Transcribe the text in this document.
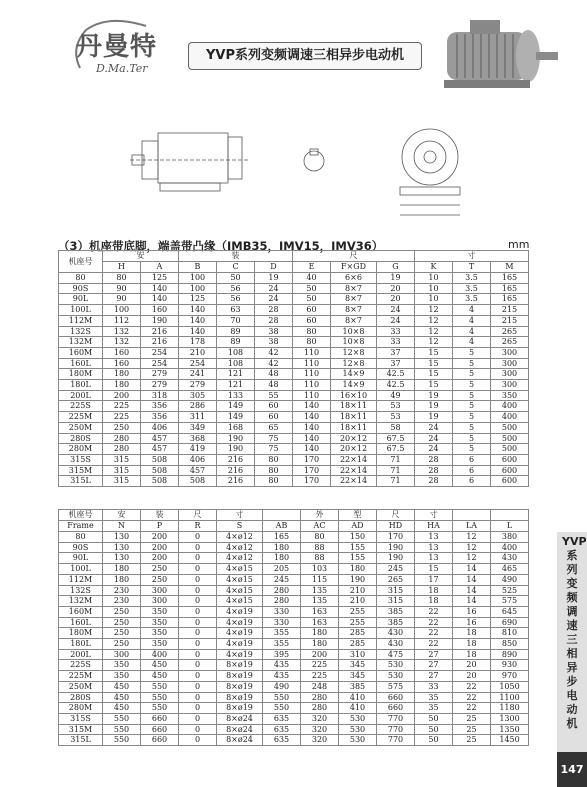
丹曼特
D.Ma.Ter
YVP系列变频调速三相异步电动机
（3）机座带底脚，端盖带凸缘（IMB35，IMV15，IMV36）	mm
机座号	安		装			尺			寸		
	H	A	B	C	D	E	F×GD	G	K	T	M
80	80	125	100	50	19	40	6×6	19	10	3.5	165
90S	90	140	100	56	24	50	8×7	20	10	3.5	165
90L	90	140	125	56	24	50	8×7	20	10	3.5	165
100L	100	160	140	63	28	60	8×7	24	12	4	215
112M	112	190	140	70	28	60	8×7	24	12	4	215
132S	132	216	140	89	38	80	10×8	33	12	4	265
132M	132	216	178	89	38	80	10×8	33	12	4	265
160M	160	254	210	108	42	110	12×8	37	15	5	300
160L	160	254	254	108	42	110	12×8	37	15	5	300
180M	180	279	241	121	48	110	14×9	42.5	15	5	300
180L	180	279	279	121	48	110	14×9	42.5	15	5	300
200L	200	318	305	133	55	110	16×10	49	19	5	350
225S	225	356	286	149	60	140	18×11	53	19	5	400
225M	225	356	311	149	60	140	18×11	53	19	5	400
250M	250	406	349	168	65	140	18×11	58	24	5	500
280S	280	457	368	190	75	140	20×12	67.5	24	5	500
280M	280	457	419	190	75	140	20×12	67.5	24	5	500
315S	315	508	406	216	80	170	22×14	71	28	6	600
315M	315	508	457	216	80	170	22×14	71	28	6	600
315L	315	508	508	216	80	170	22×14	71	28	6	600
机座号	安	装	尺	寸		外	型	尺	寸		
Frame	N	P	R	S	AB	AC	AD	HD	HA	LA	L
80	130	200	0	4×ø12	165	80	150	170	13	12	380
90S	130	200	0	4×ø12	180	88	155	190	13	12	400
90L	130	200	0	4×ø12	180	88	155	190	13	12	430
100L	180	250	0	4×ø15	205	103	180	245	15	14	465
112M	180	250	0	4×ø15	245	115	190	265	17	14	490
132S	230	300	0	4×ø15	280	135	210	315	18	14	525
132M	230	300	0	4×ø15	280	135	210	315	18	14	575
160M	250	350	0	4×ø19	330	163	255	385	22	16	645
160L	250	350	0	4×ø19	330	163	255	385	22	16	690
180M	250	350	0	4×ø19	355	180	285	430	22	18	810
180L	250	350	0	4×ø19	355	180	285	430	22	18	850
200L	300	400	0	4×ø19	395	200	310	475	27	18	890
225S	350	450	0	8×ø19	435	225	345	530	27	20	930
225M	350	450	0	8×ø19	435	225	345	530	27	20	970
250M	450	550	0	8×ø19	490	248	385	575	33	22	1050
280S	450	550	0	8×ø19	550	280	410	660	35	22	1100
280M	450	550	0	8×ø19	550	280	410	660	35	22	1180
315S	550	660	0	8×ø24	635	320	530	770	50	25	1300
315M	550	660	0	8×ø24	635	320	530	770	50	25	1350
315L	550	660	0	8×ø24	635	320	530	770	50	25	1450
YVP 系列变频调速三相异步电动机
147
